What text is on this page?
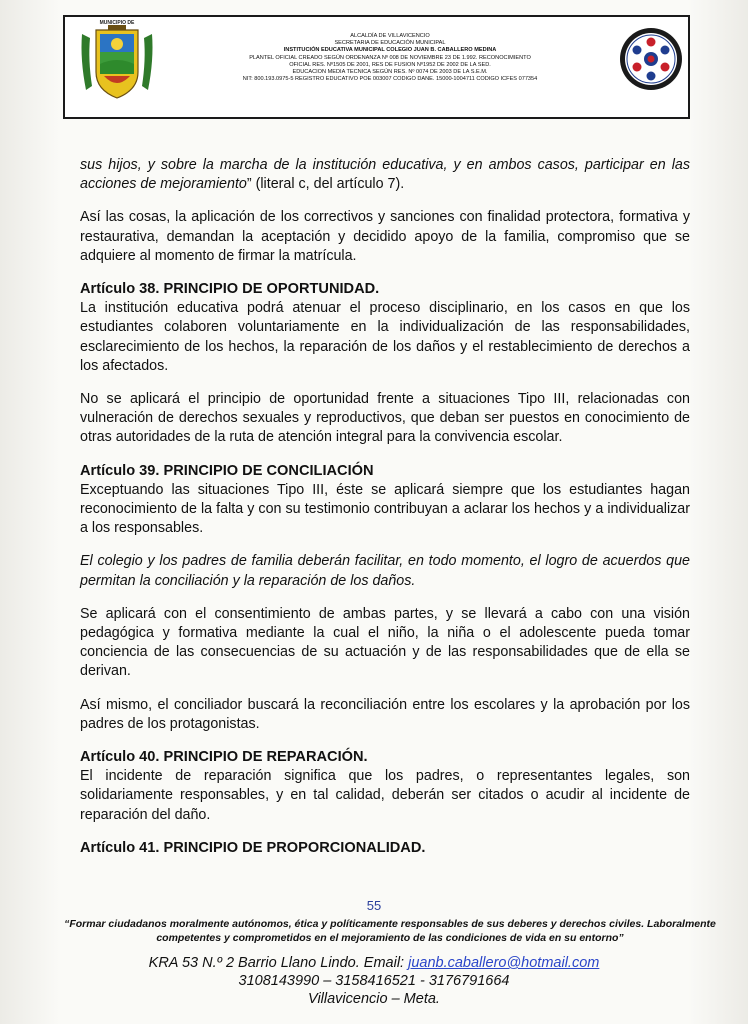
MUNICIPIO DE
ALCALDÍA DE VILLAVICENCIO
SECRETARIA DE EDUCACIÓN MUNICIPAL
INSTITUCIÓN EDUCATIVA MUNICIPAL COLEGIO JUAN B. CABALLERO MEDINA
PLANTEL OFICIAL CREADO SEGÚN ORDENANZA Nº 008 DE NOVIEMBRE 23 DE 1.992. RECONOCIMIENTO
OFICIAL RES. Nº1505 DE 2001, RES DE FUSION Nº1952 DE 2002 DE LA SED.
EDUCACION MEDIA TECNICA SEGÚN RES. Nº 0074 DE 2003 DE LA S.E.M.
NIT: 800.193.0975-5 REGISTRO EDUCATIVO POE 003007 CODIGO DANE. 15000-1004711 CODIGO ICFES 077354

sus hijos, y sobre la marcha de la institución educativa, y en ambos casos, participar en las acciones de mejoramiento” (literal c, del artículo 7).

Así las cosas, la aplicación de los correctivos y sanciones con finalidad protectora, formativa y restaurativa, demandan la aceptación y decidido apoyo de la familia, compromiso que se adquiere al momento de firmar la matrícula.

Artículo 38. PRINCIPIO DE OPORTUNIDAD.

La institución educativa podrá atenuar el proceso disciplinario, en los casos en que los estudiantes colaboren voluntariamente en la individualización de las responsabilidades, esclarecimiento de los hechos, la reparación de los daños y el restablecimiento de derechos a los afectados.

No se aplicará el principio de oportunidad frente a situaciones Tipo III, relacionadas con vulneración de derechos sexuales y reproductivos, que deban ser puestos en conocimiento de otras autoridades de la ruta de atención integral para la convivencia escolar.

Artículo 39. PRINCIPIO DE CONCILIACIÓN

Exceptuando las situaciones Tipo III, éste se aplicará siempre que los estudiantes hagan reconocimiento de la falta y con su testimonio contribuyan a aclarar los hechos y a individualizar a los responsables.

El colegio y los padres de familia deberán facilitar, en todo momento, el logro de acuerdos que permitan la conciliación y la reparación de los daños.

Se aplicará con el consentimiento de ambas partes, y se llevará a cabo con una visión pedagógica y formativa mediante la cual el niño, la niña o el adolescente pueda tomar conciencia de las consecuencias de su actuación y de las responsabilidades que de ella se derivan.

Así mismo, el conciliador buscará la reconciliación entre los escolares y la aprobación por los padres de los protagonistas.

Artículo 40. PRINCIPIO DE REPARACIÓN.

El incidente de reparación significa que los padres, o representantes legales, son solidariamente responsables, y en tal calidad, deberán ser citados o acudir al incidente de reparación del daño.

Artículo 41. PRINCIPIO DE PROPORCIONALIDAD.
55
“Formar ciudadanos moralmente autónomos, ética y políticamente responsables de sus deberes y derechos civiles. Laboralmente competentes y comprometidos en el mejoramiento de las condiciones de vida en su entorno”
KRA 53 N.º 2 Barrio Llano Lindo. Email: juanb.caballero@hotmail.com
3108143990 – 3158416521 - 3176791664
Villavicencio – Meta.
